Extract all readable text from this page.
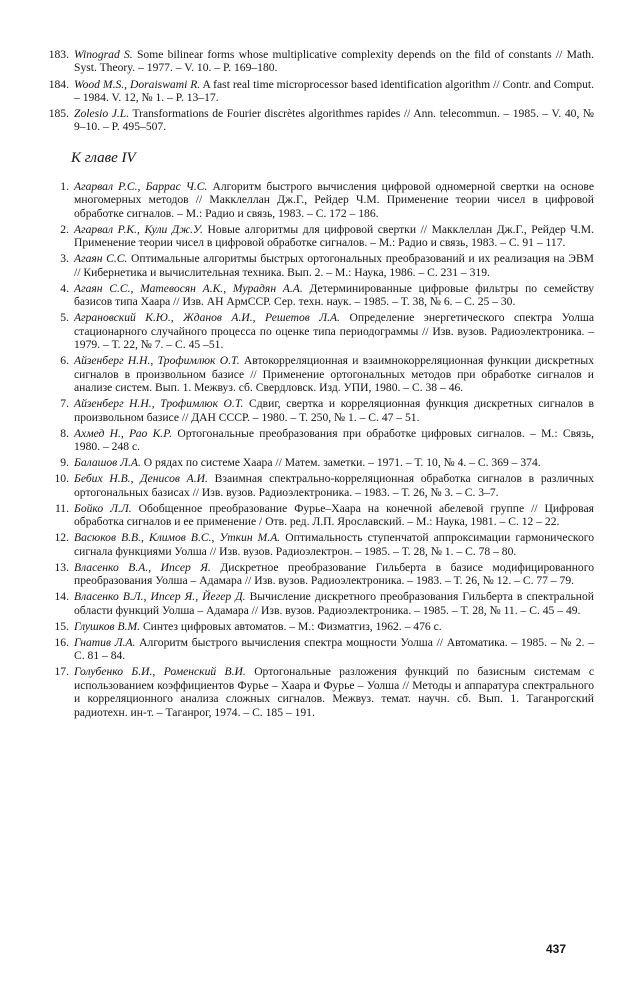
183. Winograd S. Some bilinear forms whose multiplicative complexity depends on the fild of constants // Math. Syst. Theory. – 1977. – V. 10. – P. 169–180.

184. Wood M.S., Doraiswami R. A fast real time microprocessor based identification algorithm // Contr. and Comput. – 1984. V. 12, № 1. – P. 13–17.

185. Zolesio J.L. Transformations de Fourier discrètes algorithmes rapides // Ann. telecommun. – 1985. – V. 40, № 9–10. – P. 495–507.

К главе IV

1. Агарвал Р.С., Баррас Ч.С. Алгоритм быстрого вычисления цифровой одномерной свертки на основе многомерных методов // Макклеллан Дж.Г., Рейдер Ч.М. Применение теории чисел в цифровой обработке сигналов. – М.: Радио и связь, 1983. – С. 172 – 186.

2. Агарвал Р.К., Кули Дж.У. Новые алгоритмы для цифровой свертки // Макклеллан Дж.Г., Рейдер Ч.М. Применение теории чисел в цифровой обработке сигналов. – М.: Радио и связь, 1983. – С. 91 – 117.

3. Агаян С.С. Оптимальные алгоритмы быстрых ортогональных преобразований и их реализация на ЭВМ // Кибернетика и вычислительная техника. Вып. 2. – М.: Наука, 1986. – С. 231 – 319.

4. Агаян С.С., Матевосян А.К., Мурадян А.А. Детерминированные цифровые фильтры по семейству базисов типа Хаара // Изв. АН АрмССР. Сер. техн. наук. – 1985. – Т. 38, № 6. – С. 25 – 30.

5. Аграновский К.Ю., Жданов А.И., Решетов Л.А. Определение энергетического спектра Уолша стационарного случайного процесса по оценке типа периодограммы // Изв. вузов. Радиоэлектроника. – 1979. – Т. 22, № 7. – С. 45 –51.

6. Айзенберг Н.Н., Трофимлюк О.Т. Автокорреляционная и взаимнокорреляционная функции дискретных сигналов в произвольном базисе // Применение ортогональных методов при обработке сигналов и анализе систем. Вып. 1. Межвуз. сб. Свердловск. Изд. УПИ, 1980. – С. 38 – 46.

7. Айзенберг Н.Н., Трофимлюк О.Т. Сдвиг, свертка и корреляционная функция дискретных сигналов в произвольном базисе // ДАН СССР. – 1980. – Т. 250, № 1. – С. 47 – 51.

8. Ахмед Н., Рао К.Р. Ортогональные преобразования при обработке цифровых сигналов. – М.: Связь, 1980. – 248 с.

9. Балашов Л.А. О рядах по системе Хаара // Матем. заметки. – 1971. – Т. 10, № 4. – С. 369 – 374.

10. Бебих Н.В., Денисов А.И. Взаимная спектрально-корреляционная обработка сигналов в различных ортогональных базисах // Изв. вузов. Радиоэлектроника. – 1983. – Т. 26, № 3. – С. 3–7.

11. Бойко Л.Л. Обобщенное преобразование Фурье–Хаара на конечной абелевой группе // Цифровая обработка сигналов и ее применение / Отв. ред. Л.П. Ярославский. – М.: Наука, 1981. – С. 12 – 22.

12. Васюков В.В., Климов В.С., Уткин М.А. Оптимальность ступенчатой аппроксимации гармонического сигнала функциями Уолша // Изв. вузов. Радиоэлектрон. – 1985. – Т. 28, № 1. – С. 78 – 80.

13. Власенко В.А., Ипсер Я. Дискретное преобразование Гильберта в базисе модифицированного преобразования Уолша – Адамара // Изв. вузов. Радиоэлектроника. – 1983. – Т. 26, № 12. – С. 77 – 79.

14. Власенко В.Л., Ипсер Я., Йегер Д. Вычисление дискретного преобразования Гильберта в спектральной области функций Уолша – Адамара // Изв. вузов. Радиоэлектроника. – 1985. – Т. 28, № 11. – С. 45 – 49.

15. Глушков В.М. Синтез цифровых автоматов. – М.: Физматгиз, 1962. – 476 с.

16. Гнатив Л.А. Алгоритм быстрого вычисления спектра мощности Уолша // Автоматика. – 1985. – № 2. – С. 81 – 84.

17. Голубенко Б.И., Роменский В.И. Ортогональные разложения функций по базисным системам с использованием коэффициентов Фурье – Хаара и Фурье – Уолша // Методы и аппаратура спектрального и корреляционного анализа сложных сигналов. Межвуз. темат. научн. сб. Вып. 1. Таганрогский радиотехн. ин-т. – Таганрог, 1974. – С. 185 – 191.

437
